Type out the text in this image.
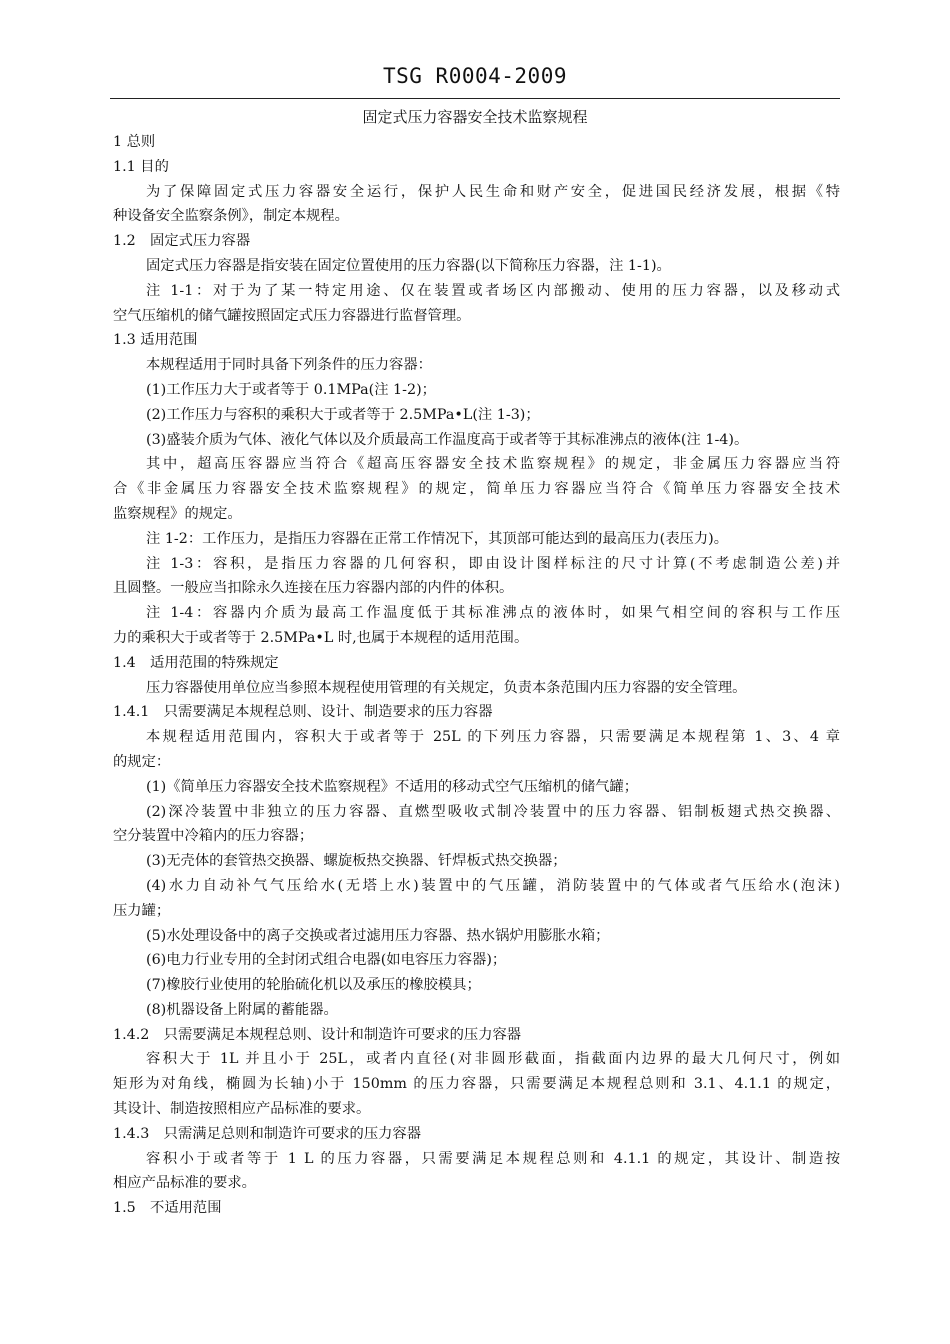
TSG R0004-2009
固定式压力容器安全技术监察规程
1 总则
1.1 目的
为了保障固定式压力容器安全运行，保护人民生命和财产安全，促进国民经济发展，根据《特
种设备安全监察条例》，制定本规程。
1.2　固定式压力容器
固定式压力容器是指安装在固定位置使用的压力容器(以下简称压力容器，注 1-1)。
注 1-1：对于为了某一特定用途、仅在装置或者场区内部搬动、使用的压力容器，以及移动式
空气压缩机的储气罐按照固定式压力容器进行监督管理。
1.3 适用范围
本规程适用于同时具备下列条件的压力容器：
(1)工作压力大于或者等于 0.1MPa(注 1-2)；
(2)工作压力与容积的乘积大于或者等于 2.5MPa•L(注 1-3)；
(3)盛装介质为气体、液化气体以及介质最高工作温度高于或者等于其标准沸点的液体(注 1-4)。
其中，超高压容器应当符合《超高压容器安全技术监察规程》的规定，非金属压力容器应当符
合《非金属压力容器安全技术监察规程》的规定，简单压力容器应当符合《简单压力容器安全技术
监察规程》的规定。
注 1-2：工作压力，是指压力容器在正常工作情况下，其顶部可能达到的最高压力(表压力)。
注 1-3：容积，是指压力容器的几何容积，即由设计图样标注的尺寸计算(不考虑制造公差)并
且圆整。一般应当扣除永久连接在压力容器内部的内件的体积。
注 1-4：容器内介质为最高工作温度低于其标准沸点的液体时，如果气相空间的容积与工作压
力的乘积大于或者等于 2.5MPa•L 时,也属于本规程的适用范围。
1.4　适用范围的特殊规定
压力容器使用单位应当参照本规程使用管理的有关规定，负责本条范围内压力容器的安全管理。
1.4.1　只需要满足本规程总则、设计、制造要求的压力容器
本规程适用范围内，容积大于或者等于 25L 的下列压力容器，只需要满足本规程第 1、3、4 章
的规定：
(1)《简单压力容器安全技术监察规程》不适用的移动式空气压缩机的储气罐；
(2)深冷装置中非独立的压力容器、直燃型吸收式制冷装置中的压力容器、铝制板翅式热交换器、
空分装置中冷箱内的压力容器；
(3)无壳体的套管热交换器、螺旋板热交换器、钎焊板式热交换器；
(4)水力自动补气气压给水(无塔上水)装置中的气压罐，消防装置中的气体或者气压给水(泡沫)
压力罐；
(5)水处理设备中的离子交换或者过滤用压力容器、热水锅炉用膨胀水箱；
(6)电力行业专用的全封闭式组合电器(如电容压力容器)；
(7)橡胶行业使用的轮胎硫化机以及承压的橡胶模具；
(8)机器设备上附属的蓄能器。
1.4.2　只需要满足本规程总则、设计和制造许可要求的压力容器
容积大于 1L 并且小于 25L，或者内直径(对非圆形截面，指截面内边界的最大几何尺寸，例如
矩形为对角线，椭圆为长轴)小于 150mm 的压力容器，只需要满足本规程总则和 3.1、4.1.1 的规定，
其设计、制造按照相应产品标准的要求。
1.4.3　只需满足总则和制造许可要求的压力容器
容积小于或者等于 1 L 的压力容器，只需要满足本规程总则和 4.1.1 的规定，其设计、制造按
相应产品标准的要求。
1.5　不适用范围
